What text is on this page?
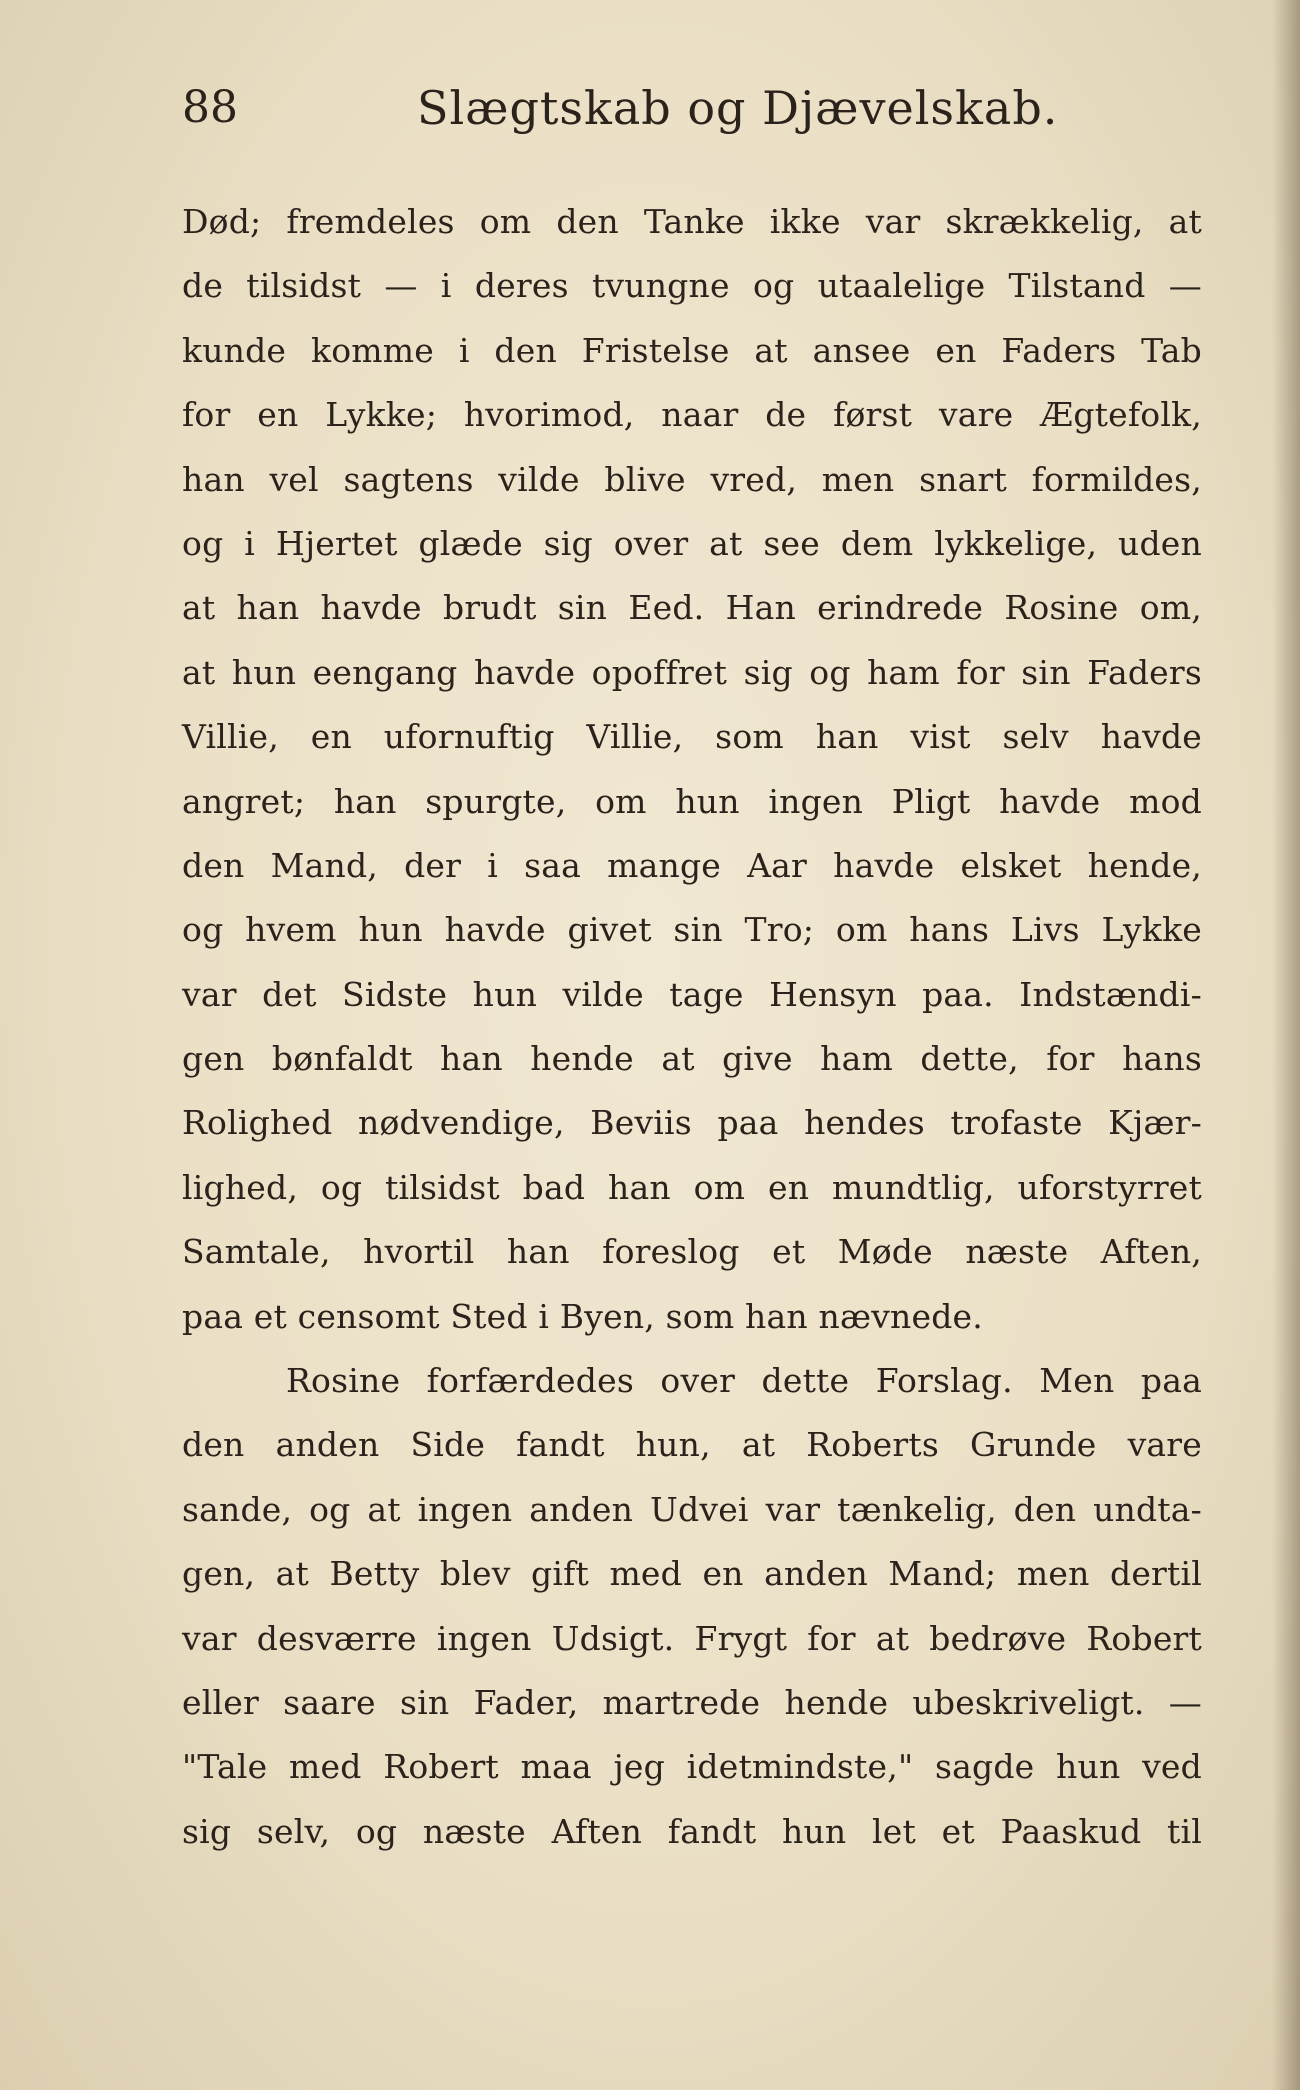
88	Slægtskab og Djævelskab.
Død; fremdeles om den Tanke ikke var skrækkelig, at
de tilsidst — i deres tvungne og utaalelige Tilstand —
kunde komme i den Fristelse at ansee en Faders Tab
for en Lykke; hvorimod, naar de først vare Ægtefolk,
han vel sagtens vilde blive vred, men snart formildes,
og i Hjertet glæde sig over at see dem lykkelige, uden
at han havde brudt sin Eed. Han erindrede Rosine om,
at hun eengang havde opoffret sig og ham for sin Faders
Villie, en ufornuftig Villie, som han vist selv havde
angret; han spurgte, om hun ingen Pligt havde mod
den Mand, der i saa mange Aar havde elsket hende,
og hvem hun havde givet sin Tro; om hans Livs Lykke
var det Sidste hun vilde tage Hensyn paa. Indstændi-
gen bønfaldt han hende at give ham dette, for hans
Rolighed nødvendige, Beviis paa hendes trofaste Kjær-
lighed, og tilsidst bad han om en mundtlig, uforstyrret
Samtale, hvortil han foreslog et Møde næste Aften,
paa et censomt Sted i Byen, som han nævnede.
Rosine forfærdedes over dette Forslag. Men paa
den anden Side fandt hun, at Roberts Grunde vare
sande, og at ingen anden Udvei var tænkelig, den undta-
gen, at Betty blev gift med en anden Mand; men dertil
var desværre ingen Udsigt. Frygt for at bedrøve Robert
eller saare sin Fader, martrede hende ubeskriveligt. —
"Tale med Robert maa jeg idetmindste," sagde hun ved
sig selv, og næste Aften fandt hun let et Paaskud til
